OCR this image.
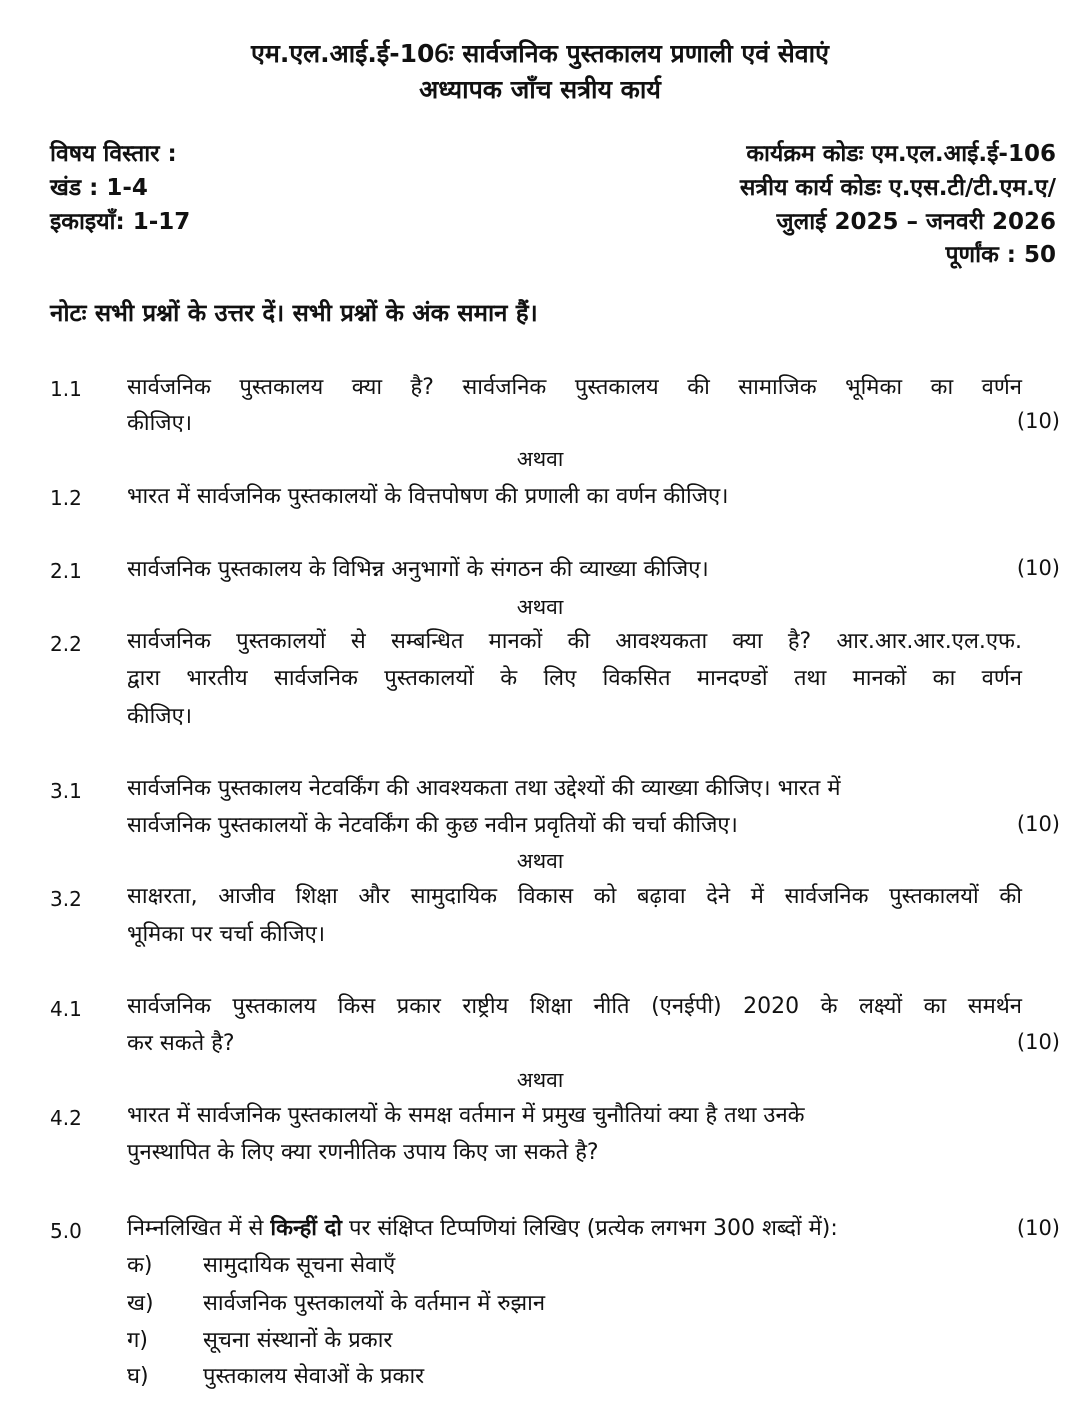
एम.एल.आई.ई-106ः सार्वजनिक पुस्तकालय प्रणाली एवं सेवाएं
अध्यापक जाँच सत्रीय कार्य
विषय विस्तार :
खंड : 1-4
इकाइयाँ: 1-17
कार्यक्रम कोडः एम.एल.आई.ई-106
सत्रीय कार्य कोडः ए.एस.टी/टी.एम.ए/
जुलाई 2025 – जनवरी 2026
पूर्णांक : 50
नोटः सभी प्रश्नों के उत्तर दें। सभी प्रश्नों के अंक समान हैं।
1.1 सार्वजनिक पुस्तकालय क्या है? सार्वजनिक पुस्तकालय की सामाजिक भूमिका का वर्णन
कीजिए।	(10)
अथवा
1.2 भारत में सार्वजनिक पुस्तकालयों के वित्तपोषण की प्रणाली का वर्णन कीजिए।
2.1 सार्वजनिक पुस्तकालय के विभिन्न अनुभागों के संगठन की व्याख्या कीजिए।	(10)
अथवा
2.2 सार्वजनिक पुस्तकालयों से सम्बन्धित मानकों की आवश्यकता क्या है? आर.आर.आर.एल.एफ.
द्वारा भारतीय सार्वजनिक पुस्तकालयों के लिए विकसित मानदण्डों तथा मानकों का वर्णन
कीजिए।
3.1 सार्वजनिक पुस्तकालय नेटवर्किंग की आवश्यकता तथा उद्देश्यों की व्याख्या कीजिए। भारत में
सार्वजनिक पुस्तकालयों के नेटवर्किंग की कुछ नवीन प्रवृतियों की चर्चा कीजिए।	(10)
अथवा
3.2 साक्षरता, आजीव शिक्षा और सामुदायिक विकास को बढ़ावा देने में सार्वजनिक पुस्तकालयों की
भूमिका पर चर्चा कीजिए।
4.1 सार्वजनिक पुस्तकालय किस प्रकार राष्ट्रीय शिक्षा नीति (एनईपी) 2020 के लक्ष्यों का समर्थन
कर सकते है?	(10)
अथवा
4.2 भारत में सार्वजनिक पुस्तकालयों के समक्ष वर्तमान में प्रमुख चुनौतियां क्या है तथा उनके
पुनस्थापित के लिए क्या रणनीतिक उपाय किए जा सकते है?
5.0 निम्नलिखित में से किन्हीं दो पर संक्षिप्त टिप्पणियां लिखिए (प्रत्येक लगभग 300 शब्दों में):	(10)
क) सामुदायिक सूचना सेवाएँ
ख) सार्वजनिक पुस्तकालयों के वर्तमान में रुझान
ग)	सूचना संस्थानों के प्रकार
घ) पुस्तकालय सेवाओं के प्रकार
